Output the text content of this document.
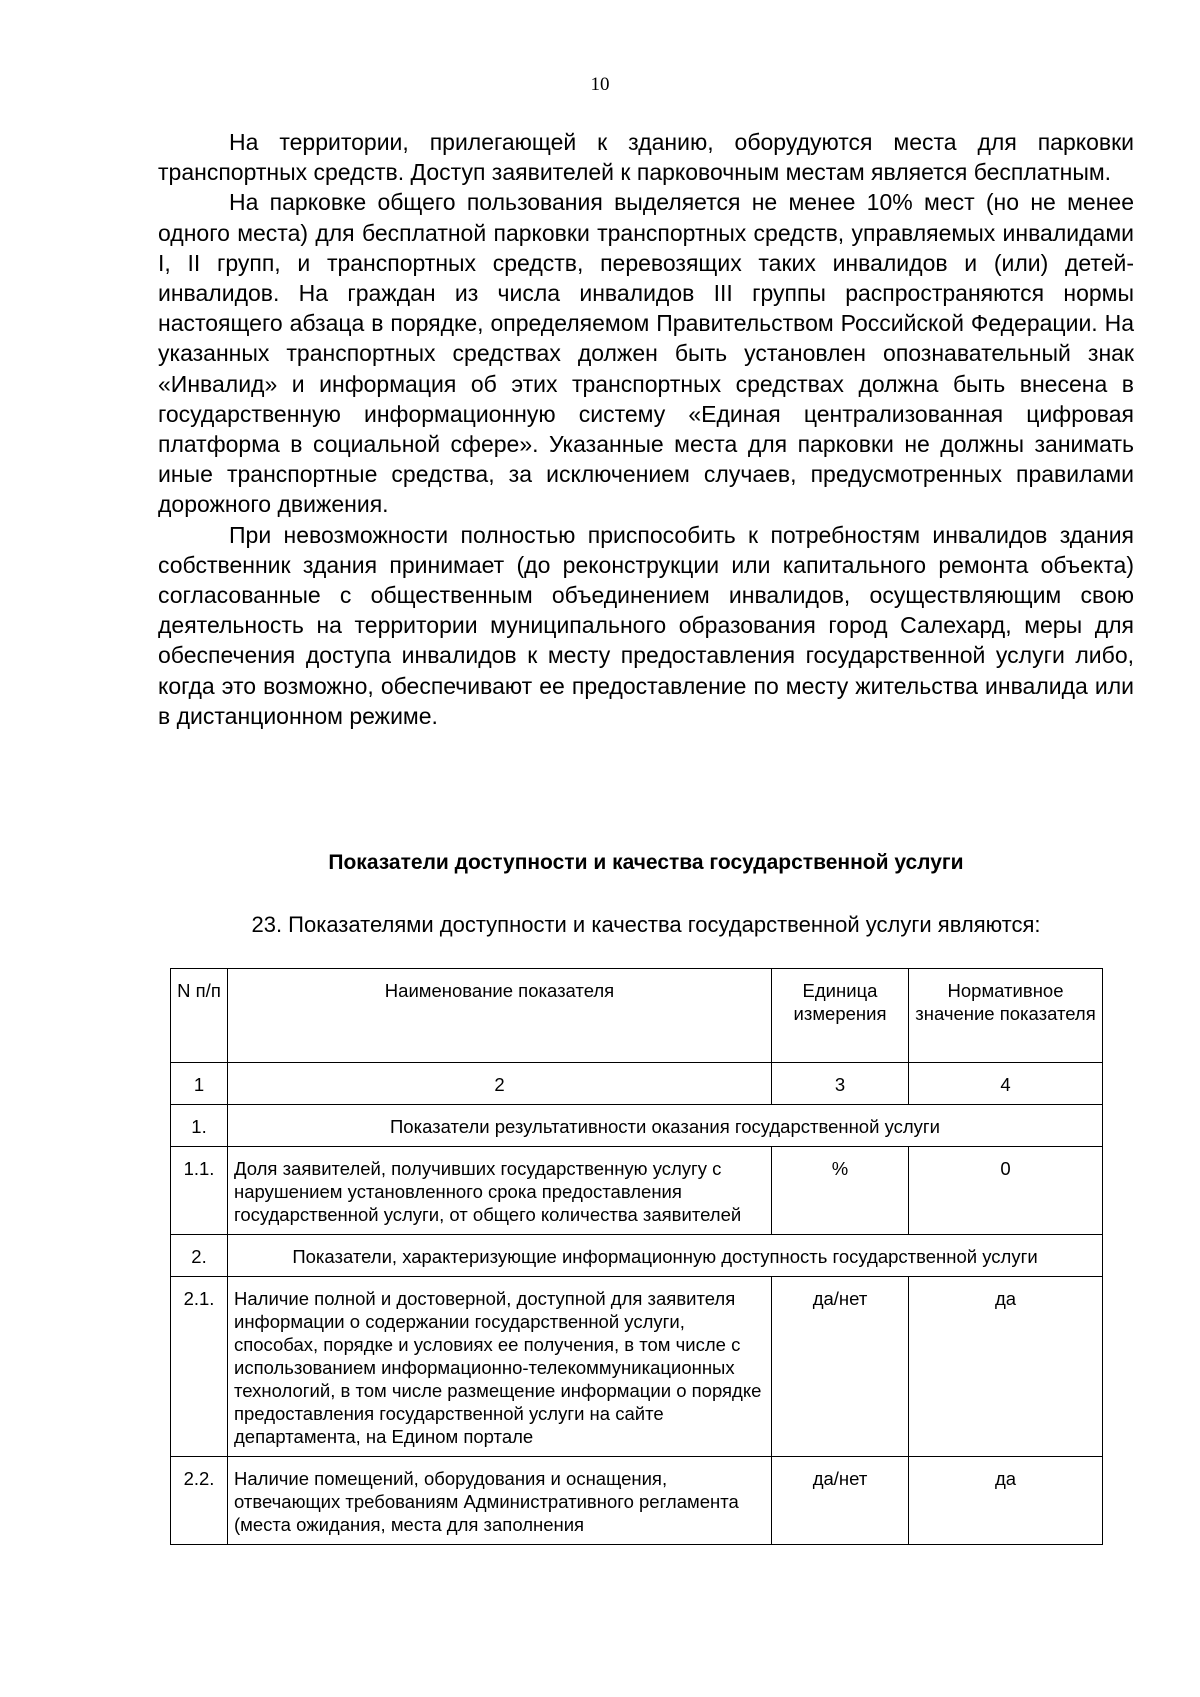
10

На территории, прилегающей к зданию, оборудуются места для парковки транспортных средств. Доступ заявителей к парковочным местам является бесплатным.

На парковке общего пользования выделяется не менее 10% мест (но не менее одного места) для бесплатной парковки транспортных средств, управляемых инвалидами I, II групп, и транспортных средств, перевозящих таких инвалидов и (или) детей-инвалидов. На граждан из числа инвалидов III группы распространяются нормы настоящего абзаца в порядке, определяемом Правительством Российской Федерации. На указанных транспортных средствах должен быть установлен опознавательный знак «Инвалид» и информация об этих транспортных средствах должна быть внесена в государственную информационную систему «Единая централизованная цифровая платформа в социальной сфере». Указанные места для парковки не должны занимать иные транспортные средства, за исключением случаев, предусмотренных правилами дорожного движения.

При невозможности полностью приспособить к потребностям инвалидов здания собственник здания принимает (до реконструкции или капитального ремонта объекта) согласованные с общественным объединением инвалидов, осуществляющим свою деятельность на территории муниципального образования город Салехард, меры для обеспечения доступа инвалидов к месту предоставления государственной услуги либо, когда это возможно, обеспечивают ее предоставление по месту жительства инвалида или в дистанционном режиме.

Показатели доступности и качества государственной услуги
23. Показателями доступности и качества государственной услуги являются:
N п/п	Наименование показателя	Единица измерения	Нормативное значение показателя
1	2	3	4
1.	Показатели результативности оказания государственной услуги		
1.1.	Доля заявителей, получивших государственную услугу с нарушением установленного срока предоставления государственной услуги, от общего количества заявителей	%	0
2.	Показатели, характеризующие информационную доступность государственной услуги		
2.1.	Наличие полной и достоверной, доступной для заявителя информации о содержании государственной услуги, способах, порядке и условиях ее получения, в том числе с использованием информационно-телекоммуникационных технологий, в том числе размещение информации о порядке предоставления государственной услуги на сайте департамента, на Едином портале	да/нет	да
2.2.	Наличие помещений, оборудования и оснащения, отвечающих требованиям Административного регламента (места ожидания, места для заполнения	да/нет	да
